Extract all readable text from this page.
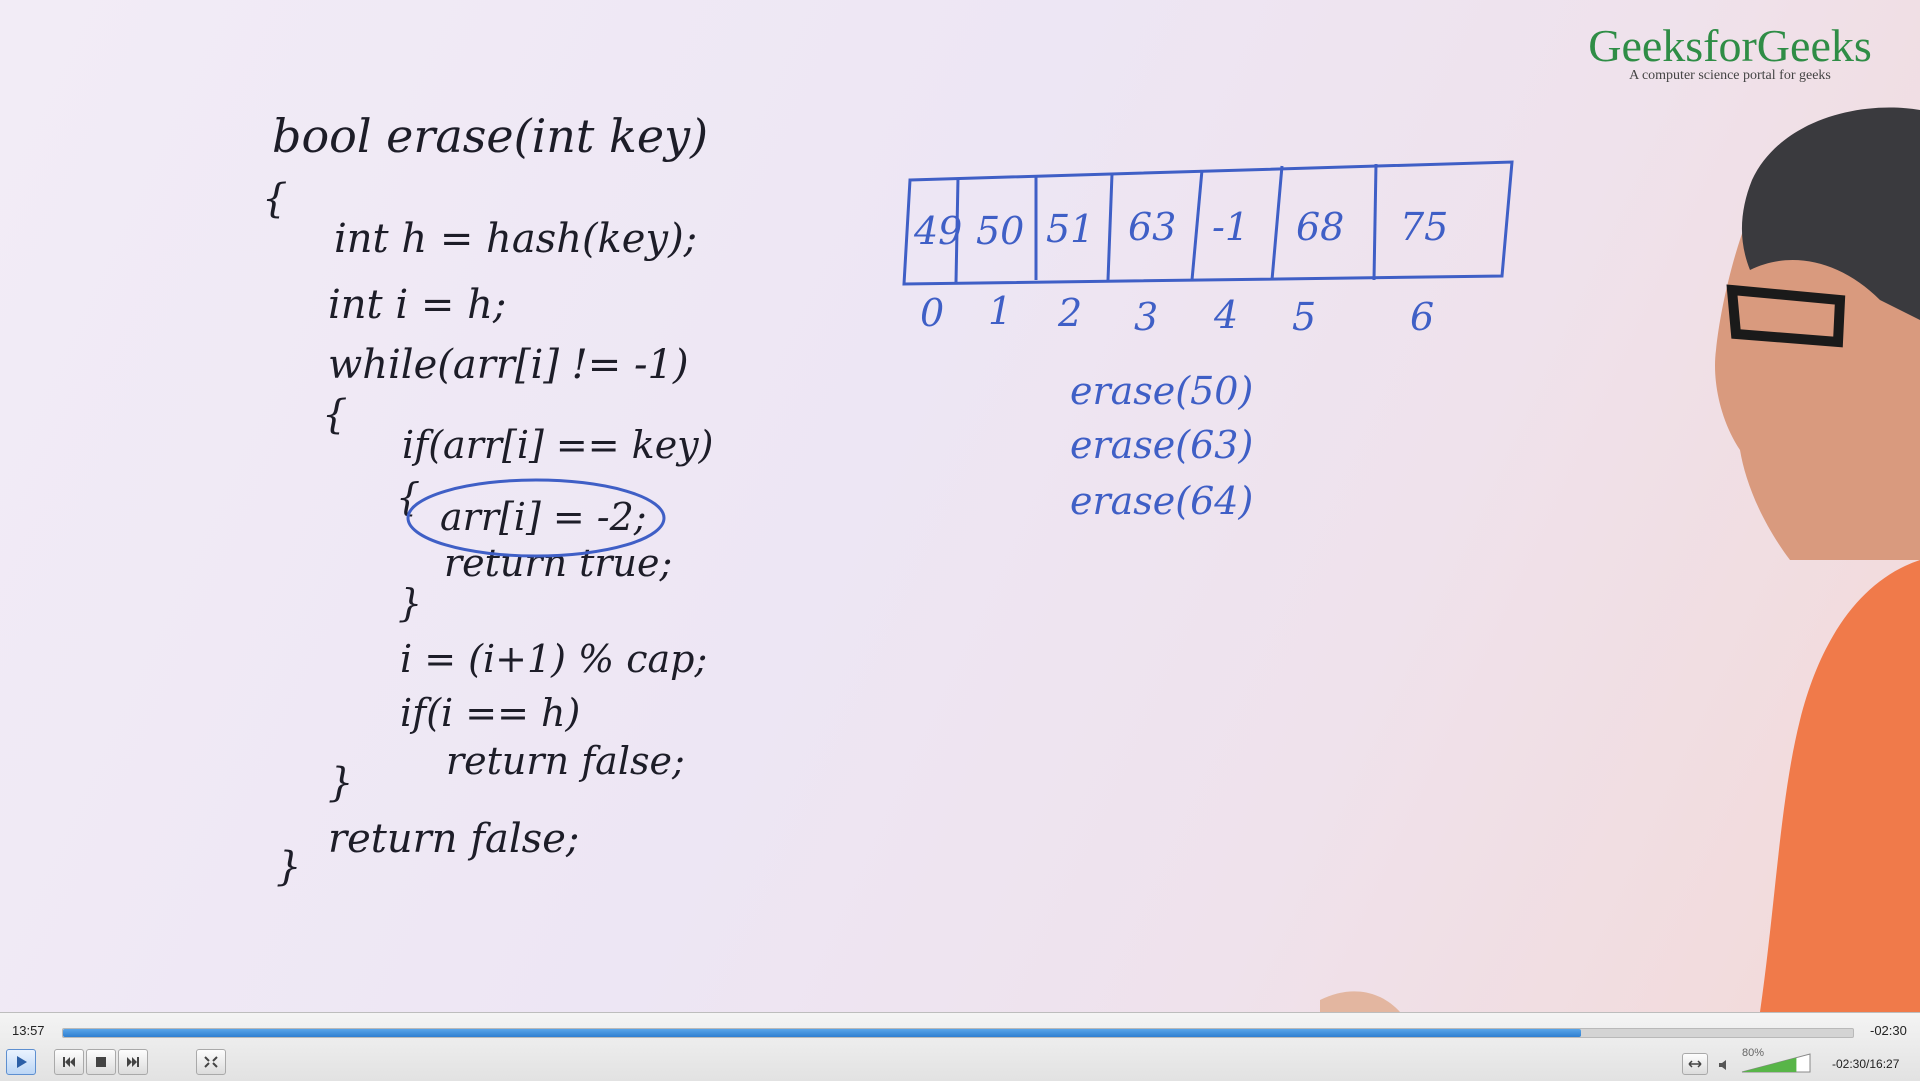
bool erase(int key)
{
int h = hash(key);
int i = h;
while(arr[i] != -1)
{
if(arr[i] == key)
{ arr[i] = -2;
return true;
}
i = (i+1) % cap;
if(i == h)
return false;
}
return false;
}
49 50 51 63 -1 68 75
0 1 2 3 4 5 6
erase(50)
erase(63)
erase(64)
GeeksforGeeks
A computer science portal for geeks
13:57	-02:30
80%
-02:30/16:27
